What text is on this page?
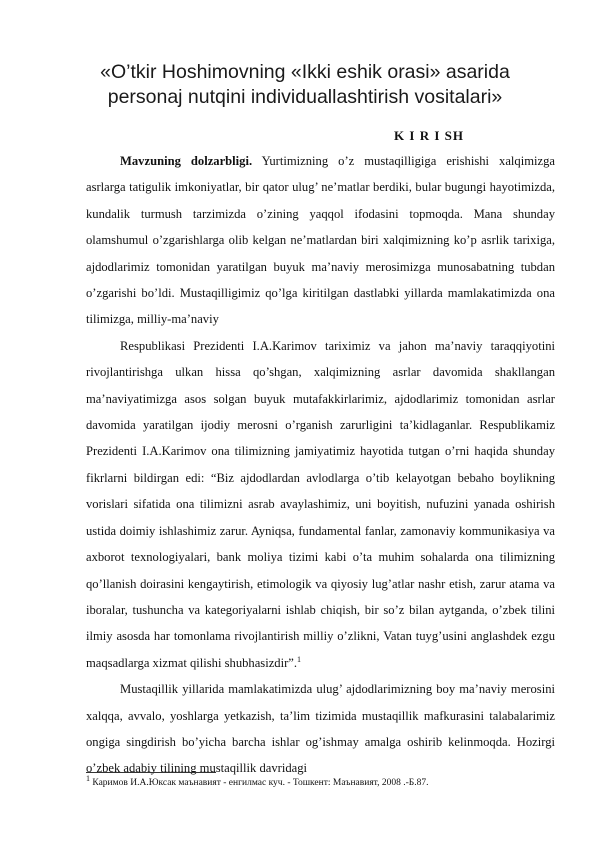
«O’tkir Hoshimovning «Ikki eshik orasi» asarida personaj nutqini individuallashtirish vositalari»
K I R I SH

Mavzuning dolzarbligi. Yurtimizning o’z mustaqilligiga erishishi xalqimizga asrlarga tatigulik imkoniyatlar, bir qator ulug’ ne’matlar berdiki, bular bugungi hayotimizda, kundalik turmush tarzimizda o’zining yaqqol ifodasini topmoqda. Mana shunday olamshumul o’zgarishlarga olib kelgan ne’matlardan biri xalqimizning ko’p asrlik tarixiga, ajdodlarimiz tomonidan yaratilgan buyuk ma’naviy merosimizga munosabatning tubdan o’zgarishi bo’ldi. Mustaqilligimiz qo’lga kiritilgan dastlabki yillarda mamlakatimizda ona tilimizga, milliy-ma’naviy

Respublikasi Prezidenti I.A.Karimov tariximiz va jahon ma’naviy taraqqiyotini rivojlantirishga ulkan hissa qo’shgan, xalqimizning asrlar davomida shakllangan ma’naviyatimizga asos solgan buyuk mutafakkirlarimiz, ajdodlarimiz tomonidan asrlar davomida yaratilgan ijodiy merosni o’rganish zarurligini ta’kidlaganlar. Respublikamiz Prezidenti I.A.Karimov ona tilimizning jamiyatimiz hayotida tutgan o’rni haqida shunday fikrlarni bildirgan edi: “Biz ajdodlardan avlodlarga o’tib kelayotgan bebaho boylikning vorislari sifatida ona tilimizni asrab avaylashimiz, uni boyitish, nufuzini yanada oshirish ustida doimiy ishlashimiz zarur. Ayniqsa, fundamental fanlar, zamonaviy kommunikasiya va axborot texnologiyalari, bank moliya tizimi kabi o’ta muhim sohalarda ona tilimizning qo’llanish doirasini kengaytirish, etimologik va qiyosiy lug’atlar nashr etish, zarur atama va iboralar, tushuncha va kategoriyalarni ishlab chiqish, bir so’z bilan aytganda, o’zbek tilini ilmiy asosda har tomonlama rivojlantirish milliy o’zlikni, Vatan tuyg’usini anglashdek ezgu maqsadlarga xizmat qilishi shubhasizdir”.$^1$

Mustaqillik yillarida mamlakatimizda ulug’ ajdodlarimizning boy ma’naviy merosini xalqqa, avvalo, yoshlarga yetkazish, ta’lim tizimida mustaqillik mafkurasini talabalarimiz ongiga singdirish bo’yicha barcha ishlar og’ishmay amalga oshirib kelinmoqda. Hozirgi o’zbek adabiy tilining mustaqillik davridagi

$^1$ Каримов И.А.Юксак маънавият - енгилмас куч. - Тошкент: Маънавият, 2008 .-Б.87.
